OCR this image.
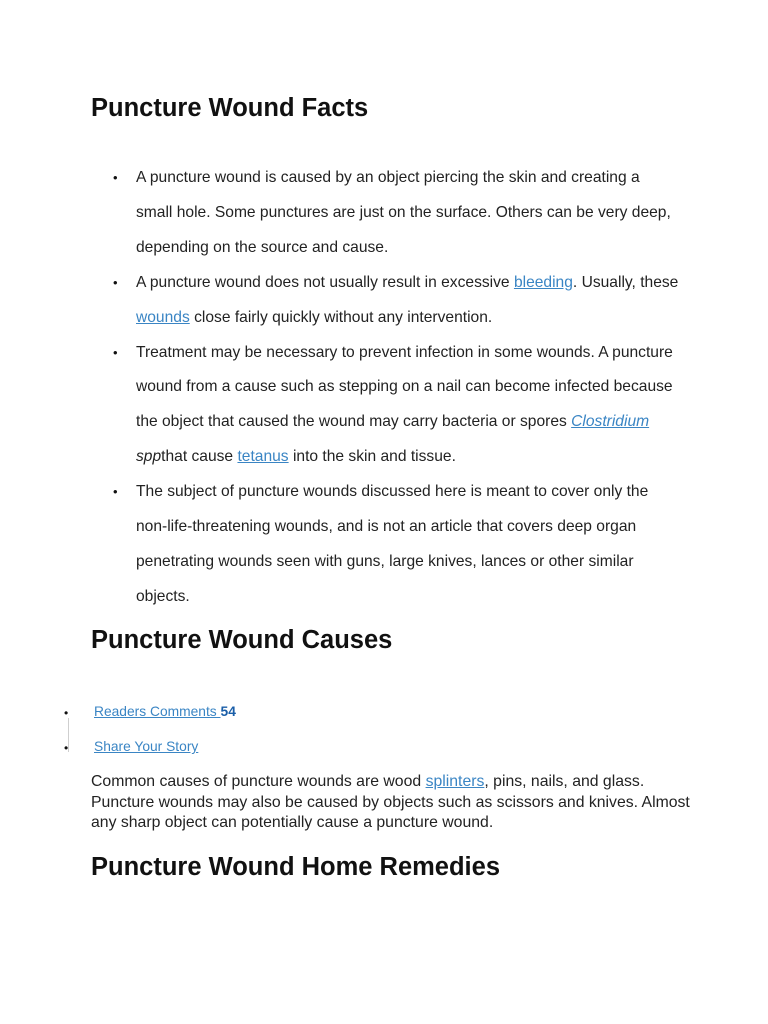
Puncture Wound Facts
• A puncture wound is caused by an object piercing the skin and creating a small hole. Some punctures are just on the surface. Others can be very deep, depending on the source and cause.
• A puncture wound does not usually result in excessive bleeding. Usually, these wounds close fairly quickly without any intervention.
• Treatment may be necessary to prevent infection in some wounds. A puncture wound from a cause such as stepping on a nail can become infected because the object that caused the wound may carry bacteria or spores Clostridium sppthat cause tetanus into the skin and tissue.
• The subject of puncture wounds discussed here is meant to cover only the non-life-threatening wounds, and is not an article that covers deep organ penetrating wounds seen with guns, large knives, lances or other similar objects.
Puncture Wound Causes
• Readers Comments 54
• Share Your Story

Common causes of puncture wounds are wood splinters, pins, nails, and glass. Puncture wounds may also be caused by objects such as scissors and knives. Almost any sharp object can potentially cause a puncture wound.

Puncture Wound Home Remedies
